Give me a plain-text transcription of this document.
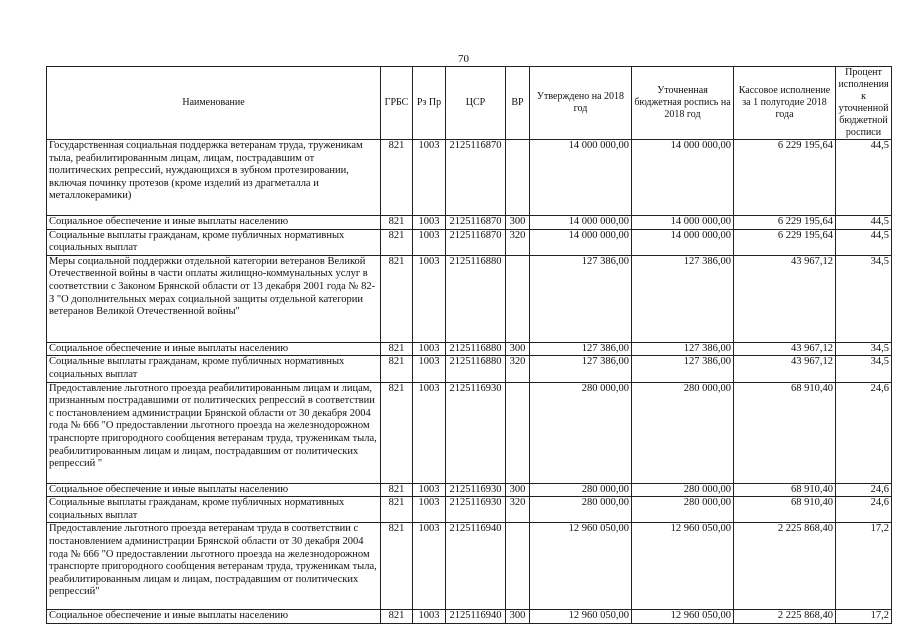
70
Наименование	ГРБС	Рз Пр	ЦСР	ВР	Утверждено на 2018 год	Уточненная бюджетная роспись на 2018 год	Кассовое исполнение за 1 полугодие 2018 года	Процент исполнения к уточненной бюджетной росписи
Государственная социальная поддержка ветеранам труда, труженикам тыла, реабилитированным лицам, лицам, пострадавшим от политических репрессий, нуждающихся в зубном протезировании, включая починку протезов (кроме изделий из драгметалла и металлокерамики)	821	1003	2125116870		14 000 000,00	14 000 000,00	6 229 195,64	44,5
Социальное обеспечение и иные выплаты населению	821	1003	2125116870	300	14 000 000,00	14 000 000,00	6 229 195,64	44,5
Социальные выплаты гражданам, кроме публичных нормативных социальных выплат	821	1003	2125116870	320	14 000 000,00	14 000 000,00	6 229 195,64	44,5
Меры социальной поддержки отдельной категории ветеранов Великой Отечественной войны в части оплаты жилищно-коммунальных услуг в соответствии с Законом Брянской области от 13 декабря 2001 года № 82-З "О дополнительных мерах социальной защиты отдельной категории ветеранов Великой Отечественной войны"	821	1003	2125116880		127 386,00	127 386,00	43 967,12	34,5
Социальное обеспечение и иные выплаты населению	821	1003	2125116880	300	127 386,00	127 386,00	43 967,12	34,5
Социальные выплаты гражданам, кроме публичных нормативных социальных выплат	821	1003	2125116880	320	127 386,00	127 386,00	43 967,12	34,5
Предоставление льготного проезда реабилитированным лицам и лицам, признанным пострадавшими от политических репрессий в соответствии с постановлением администрации Брянской области от 30 декабря 2004 года № 666 "О предоставлении льготного проезда на железнодорожном транспорте пригородного сообщения ветеранам труда, труженикам тыла, реабилитированным лицам и лицам, пострадавшим от политических репрессий "	821	1003	2125116930		280 000,00	280 000,00	68 910,40	24,6
Социальное обеспечение и иные выплаты населению	821	1003	2125116930	300	280 000,00	280 000,00	68 910,40	24,6
Социальные выплаты гражданам, кроме публичных нормативных социальных выплат	821	1003	2125116930	320	280 000,00	280 000,00	68 910,40	24,6
Предоставление льготного проезда ветеранам труда в соответствии с постановлением администрации Брянской области от 30 декабря 2004 года № 666 "О предоставлении льготного проезда на железнодорожном транспорте пригородного сообщения ветеранам труда, труженикам тыла, реабилитированным лицам и лицам, пострадавшим от политических репрессий"	821	1003	2125116940		12 960 050,00	12 960 050,00	2 225 868,40	17,2
Социальное обеспечение и иные выплаты населению	821	1003	2125116940	300	12 960 050,00	12 960 050,00	2 225 868,40	17,2
